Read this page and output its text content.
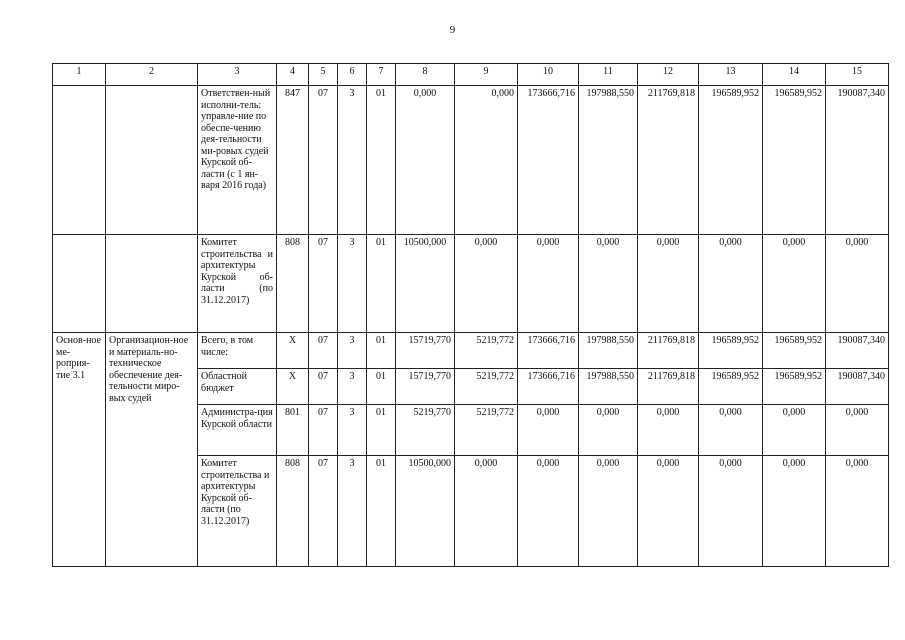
9
1	2	3	4	5	6	7	8	9	10	11	12	13	14	15
		Ответствен-ный исполни-тель: управле-ние по обеспе-чению дея-тельности ми-ровых судей Курской об-ласти (с 1 ян-варя 2016 года)	847	07	3	01	0,000	0,000	173666,716	197988,550	211769,818	196589,952	196589,952	190087,340
		Комитет строительства и архитектуры Курской об-ласти (по 31.12.2017)	808	07	3	01	10500,000	0,000	0,000	0,000	0,000	0,000	0,000	0,000
Основ-ное ме-роприя-тие 3.1	Организацион-ное и материаль-но-техническое обеспечение дея-тельности миро-вых судей	Всего, в том числе:	Х	07	3	01	15719,770	5219,772	173666,716	197988,550	211769,818	196589,952	196589,952	190087,340
		Областной бюджет	Х	07	3	01	15719,770	5219,772	173666,716	197988,550	211769,818	196589,952	196589,952	190087,340
		Администра-ция Курской области	801	07	3	01	5219,770	5219,772	0,000	0,000	0,000	0,000	0,000	0,000
		Комитет строительства и архитектуры Курской об-ласти (по 31.12.2017)	808	07	3	01	10500,000	0,000	0,000	0,000	0,000	0,000	0,000	0,000
